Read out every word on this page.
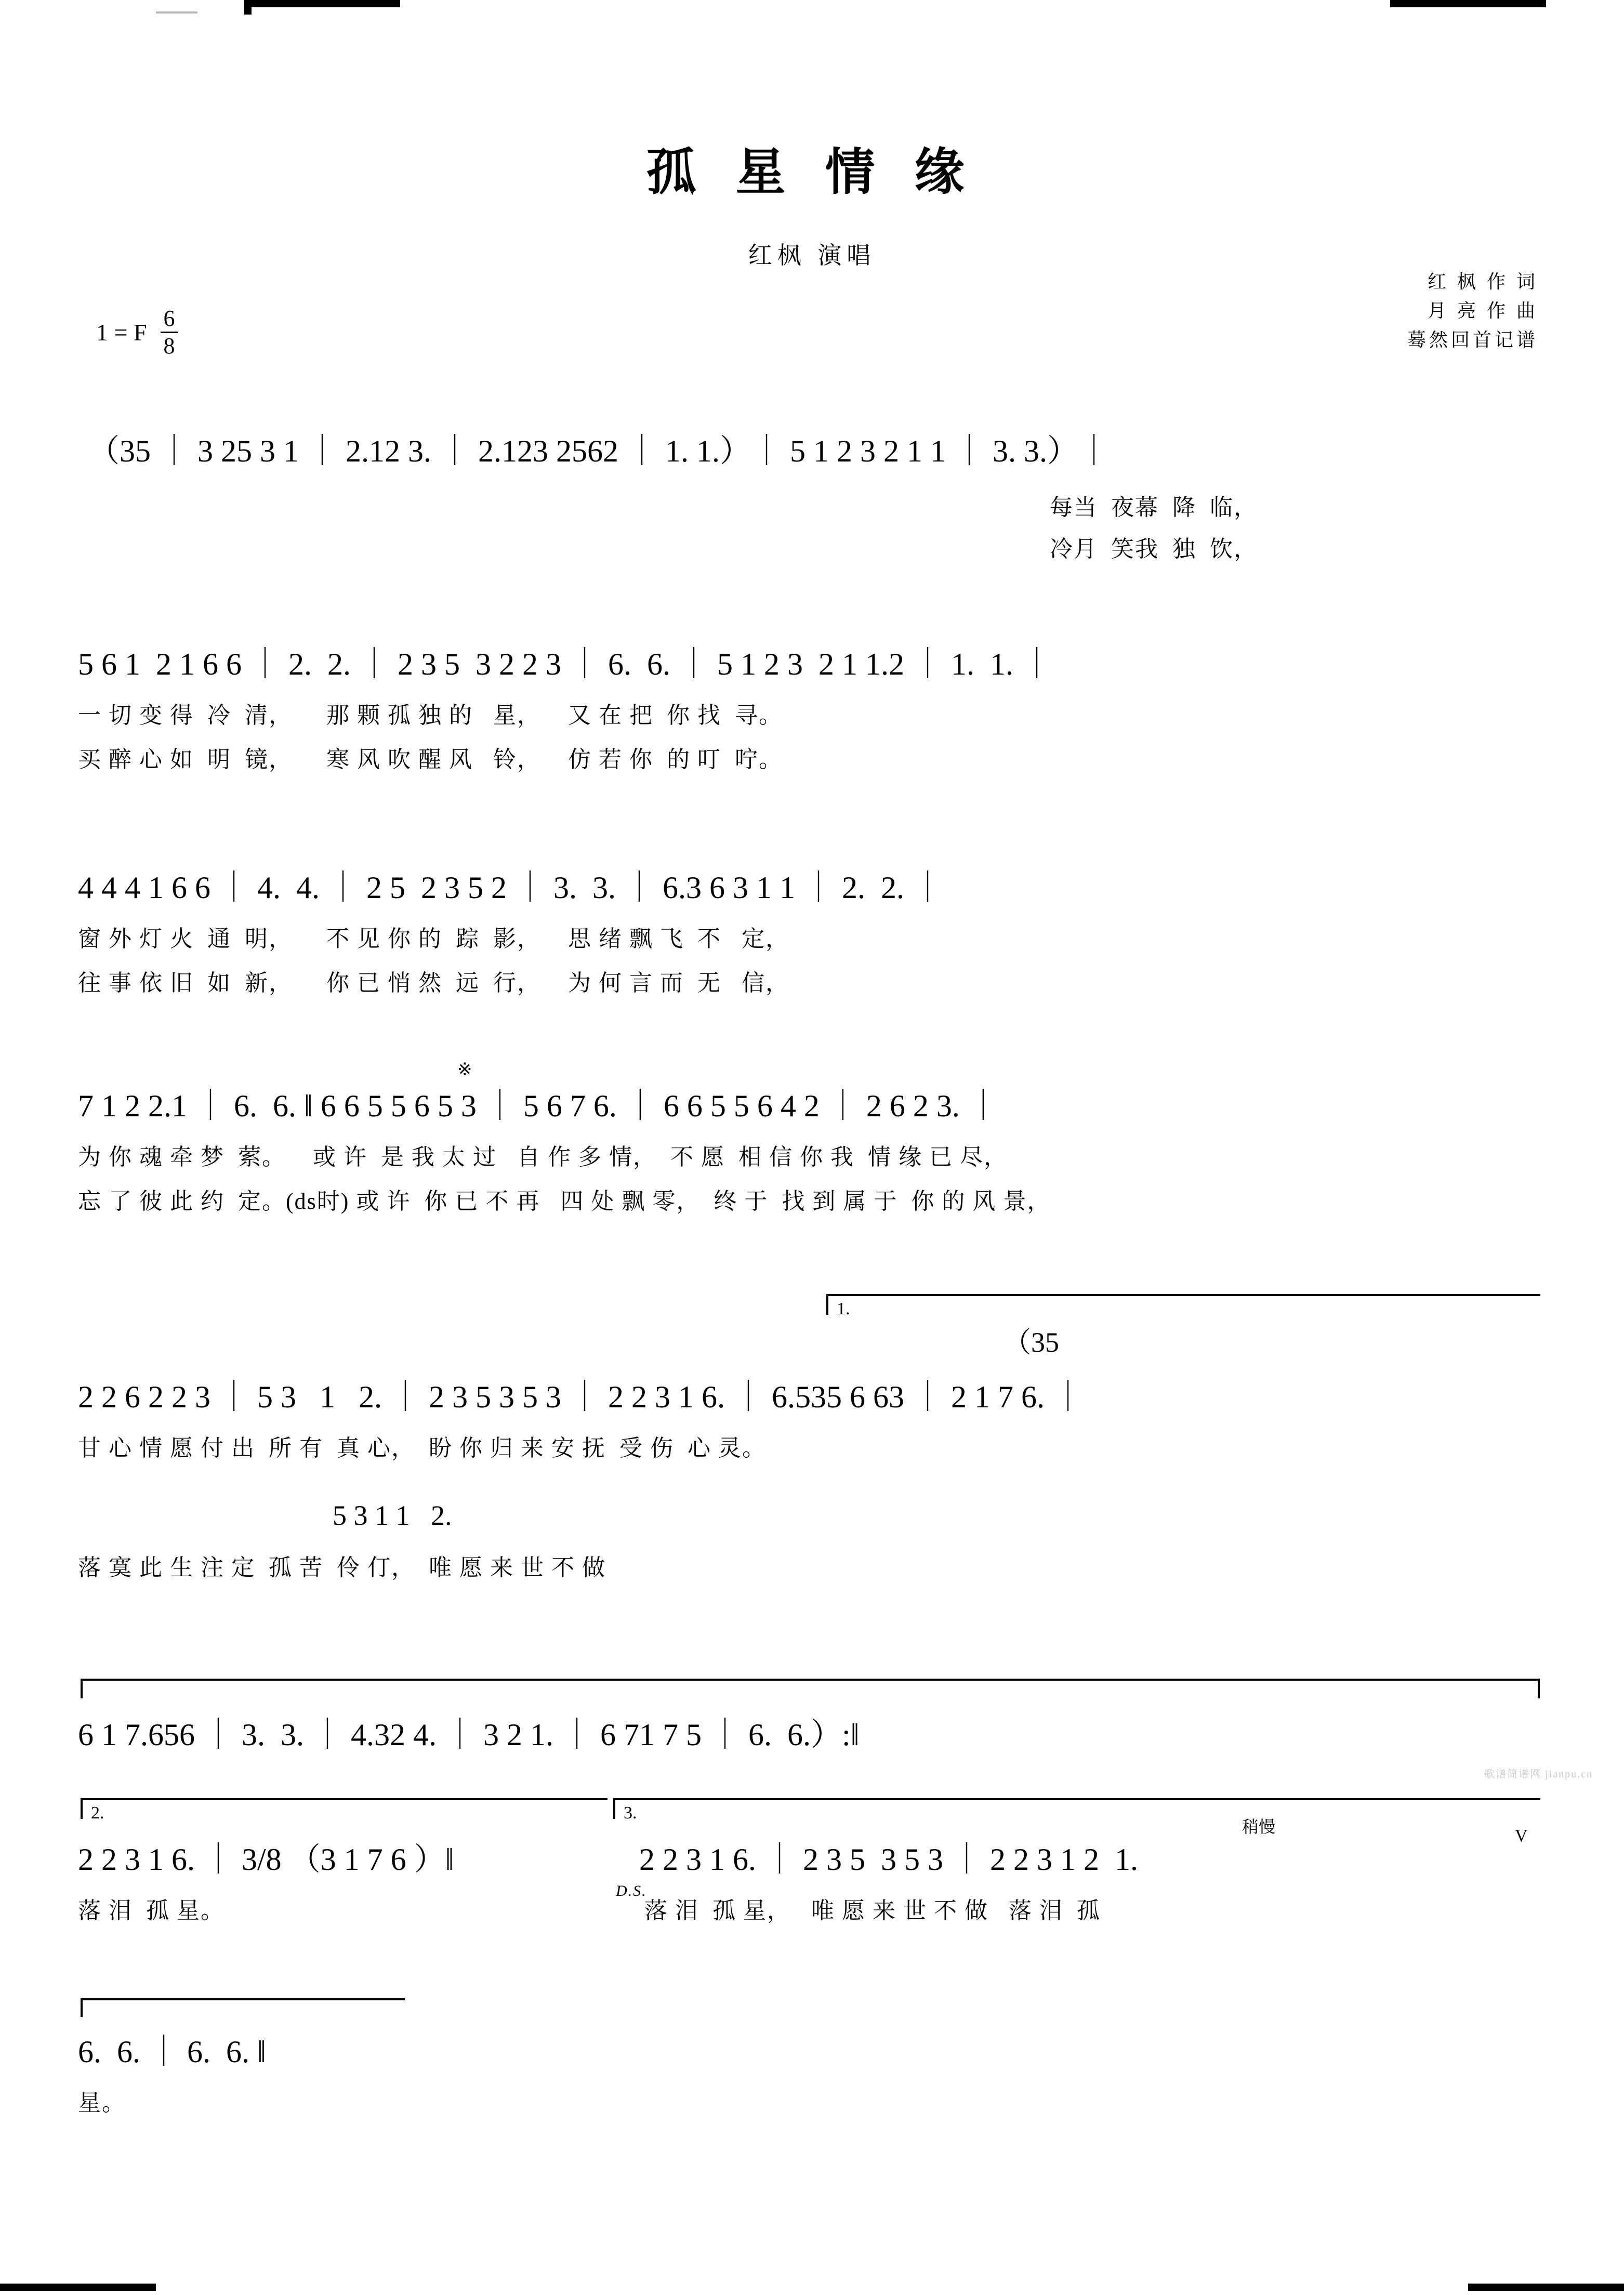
孤 星 情 缘
红枫 演唱
红 枫 作 词
月 亮 作 曲
蓦然回首记谱
1 = F $\frac{6}{8}$
（35 ｜ 3 25 3 1 ｜ 2.12 3. ｜ 2.123 2562 ｜ 1. 1.）｜ 5 1 2 3 2 1 1 ｜ 3. 3.）｜
每当  夜幕  降  临，
冷月  笑我  独  饮，
5 6 1  2 1 6 6 ｜ 2.  2. ｜ 2 3 5  3 2 2 3 ｜ 6.  6. ｜ 5 1 2 3  2 1 1.2 ｜ 1.  1. ｜
一 切 变 得  冷  清，     那 颗 孤 独 的   星，    又 在 把  你 找  寻。
买 醉 心 如  明  镜，     寒 风 吹 醒 风   铃，    仿 若 你  的 叮  咛。
4 4 4 1 6 6 ｜ 4.  4. ｜ 2 5  2 3 5 2 ｜ 3.  3. ｜ 6.3 6 3 1 1 ｜ 2.  2. ｜
窗 外 灯 火  通  明，     不 见 你 的  踪  影，    思 绪 飘 飞  不   定，
往 事 依 旧  如  新，     你 已 悄 然  远  行，    为 何 言 而  无   信，
※
7 1 2 2.1 ｜ 6.  6. ‖ 6 6 5 5 6 5 3 ｜ 5 6 7 6. ｜ 6 6 5 5 6 4 2 ｜ 2 6 2 3. ｜
为 你 魂 牵 梦  萦。    或 许  是 我 太 过   自 作 多 情，  不 愿  相 信 你 我  情 缘 已 尽，
忘 了 彼 此 约  定。(ds时) 或 许  你 已 不 再   四 处 飘 零，  终 于  找 到 属 于  你 的 风 景，
1.
（35
2 2 6 2 2 3 ｜ 5 3   1   2. ｜ 2 3 5 3 5 3 ｜ 2 2 3 1 6. ｜ 6.535 6 63 ｜ 2 1 7 6. ｜
甘 心 情 愿 付 出  所 有  真 心，  盼 你 归 来 安 抚  受 伤  心 灵。
5 3 1 1   2.
落 寞 此 生 注 定  孤 苦  伶 仃，  唯 愿 来 世 不 做
6 1 7.656 ｜ 3.  3. ｜ 4.32 4. ｜ 3 2 1. ｜ 6 71 7 5 ｜ 6.  6.）:‖
2.	3.
稍慢
2 2 3 1 6. ｜ 3/8 （3 1 7 6 ）‖	2 2 3 1 6. ｜ 2 3 5  3 5 3 ｜ 2 2 3 1 2  1.
D.S.
落 泪  孤 星。	落 泪  孤 星，   唯 愿 来 世 不 做   落 泪  孤
V
6.  6. ｜ 6.  6. ‖
星。
歌谱简谱网 jianpu.cn
